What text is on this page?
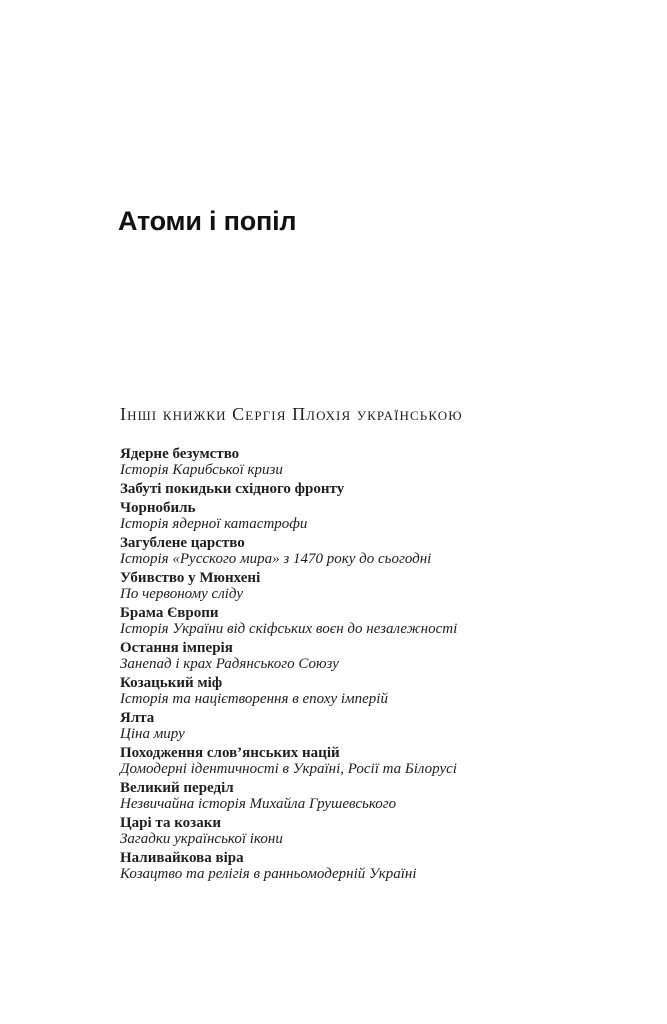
Атоми і попіл
Інші книжки Сергія Плохія українською
Ядерне безумство
Історія Карибської кризи
Забуті покидьки східного фронту
Чорнобиль
Історія ядерної катастрофи
Загублене царство
Історія «Русского мира» з 1470 року до сьогодні
Убивство у Мюнхені
По червоному сліду
Брама Європи
Історія України від скіфських воєн до незалежності
Остання імперія
Занепад і крах Радянського Союзу
Козацький міф
Історія та націєтворення в епоху імперій
Ялта
Ціна миру
Походження слов’янських націй
Домодерні ідентичності в Україні, Росії та Білорусі
Великий переділ
Незвичайна історія Михайла Грушевського
Царі та козаки
Загадки української ікони
Наливайкова віра
Козацтво та релігія в ранньомодерній Україні
